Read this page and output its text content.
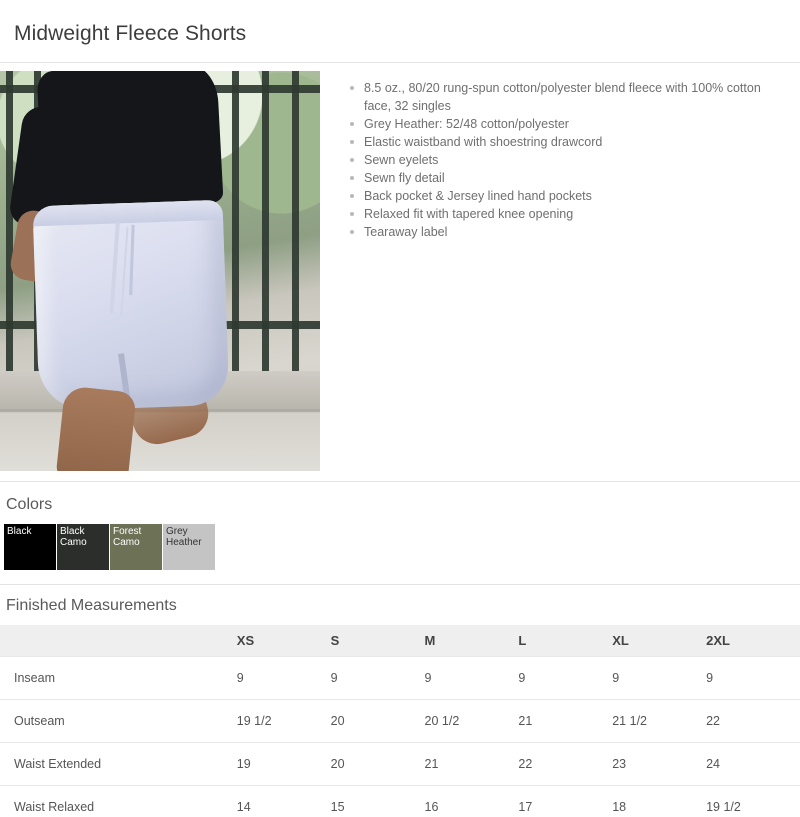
Midweight Fleece Shorts
8.5 oz., 80/20 rung-spun cotton/polyester blend fleece with 100% cotton face, 32 singles
Grey Heather: 52/48 cotton/polyester
Elastic waistband with shoestring drawcord
Sewn eyelets
Sewn fly detail
Back pocket & Jersey lined hand pockets
Relaxed fit with tapered knee opening
Tearaway label
Colors
Black	Black Camo
Forest Camo
Grey Heather
Finished Measurements
	XS	S	M	L	XL	2XL
Inseam	9	9	9	9	9	9
Outseam	19 1/2	20	20 1/2	21	21 1/2	22
Waist Extended	19	20	21	22	23	24
Waist Relaxed	14	15	16	17	18	19 1/2
